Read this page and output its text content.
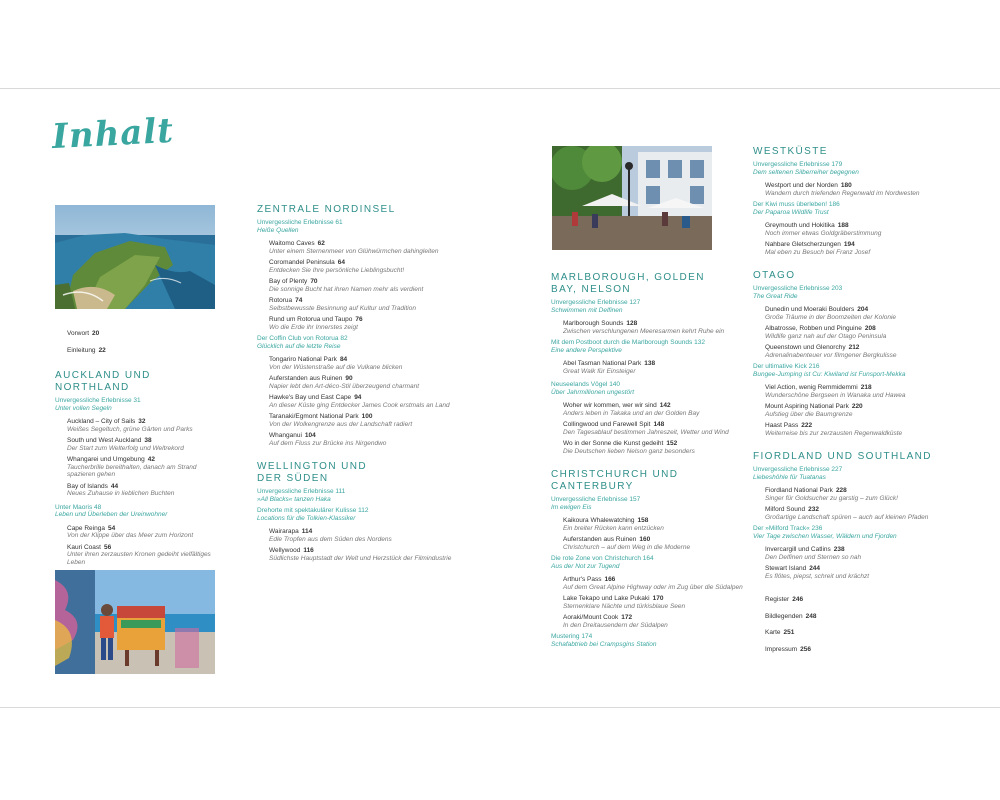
Inhalt
Vorwort 20
Einleitung 22
AUCKLAND UND NORTHLAND
Unvergessliche Erlebnisse 31
Unter vollen Segeln
Auckland – City of Sails 32
Weißes Segeltuch, grüne Gärten und Parks
South und West Auckland 38
Der Start zum Welterfolg und Weltrekord
Whangarei und Umgebung 42
Taucherbrille bereithalten, danach am Strand spazieren gehen
Bay of Islands 44
Neues Zuhause in lieblichen Buchten
Unter Maoris 48
Leben und Überleben der Ureinwohner
Cape Reinga 54
Von der Klippe über das Meer zum Horizont
Kauri Coast 56
Unter ihren zerzausten Kronen gedeiht vielfältiges Leben
ZENTRALE NORDINSEL
Unvergessliche Erlebnisse 61
Heiße Quellen
Waitomo Caves 62
Unter einem Sternenmeer von Glühwürmchen dahingleiten
Coromandel Peninsula 64
Entdecken Sie Ihre persönliche Lieblingsbucht!
Bay of Plenty 70
Die sonnige Bucht hat ihren Namen mehr als verdient
Rotorua 74
Selbstbewusste Besinnung auf Kultur und Tradition
Rund um Rotorua und Taupo 76
Wo die Erde ihr Innerstes zeigt
Der Coffin Club von Rotorua 82
Glücklich auf die letzte Reise
Tongariro National Park 84
Von der Wüstenstraße auf die Vulkane blicken
Auferstanden aus Ruinen 90
Napier lebt den Art-déco-Stil überzeugend charmant
Hawke's Bay und East Cape 94
An dieser Küste ging Entdecker James Cook erstmals an Land
Taranaki/Egmont National Park 100
Von der Wolkengrenze aus der Landschaft radiert
Whanganui 104
Auf dem Fluss zur Brücke ins Nirgendwo
WELLINGTON UND DER SÜDEN
Unvergessliche Erlebnisse 111
»All Blacks« tanzen Haka
Drehorte mit spektakulärer Kulisse 112
Locations für die Tolkien-Klassiker
Wairarapa 114
Edle Tropfen aus dem Süden des Nordens
Wellywood 116
Südlichste Hauptstadt der Welt und Herzstück der Filmindustrie
MARLBOROUGH, GOLDEN BAY, NELSON
Unvergessliche Erlebnisse 127
Schwimmen mit Delfinen
Marlborough Sounds 128
Zwischen verschlungenen Meeresarmen kehrt Ruhe ein
Mit dem Postboot durch die Marlborough Sounds 132
Eine andere Perspektive
Abel Tasman National Park 138
Great Walk für Einsteiger
Neuseelands Vögel 140
Über Jahrmillionen ungestört
Woher wir kommen, wer wir sind 142
Anders leben in Takaka und an der Golden Bay
Collingwood und Farewell Spit 148
Den Tagesablauf bestimmen Jahreszeit, Wetter und Wind
Wo in der Sonne die Kunst gedeiht 152
Die Deutschen lieben Nelson ganz besonders
CHRISTCHURCH UND CANTERBURY
Unvergessliche Erlebnisse 157
Im ewigen Eis
Kaikoura Whalewatching 158
Ein breiter Rücken kann entzücken
Auferstanden aus Ruinen 160
Christchurch – auf dem Weg in die Moderne
Die rote Zone von Christchurch 164
Aus der Not zur Tugend
Arthur's Pass 166
Auf dem Great Alpine Highway oder im Zug über die Südalpen
Lake Tekapo und Lake Pukaki 170
Sternenklare Nächte und türkisblaue Seen
Aoraki/Mount Cook 172
In den Dreitausendern der Südalpen
Mustering 174
Schafabtrieb bei Crampsgins Station
WESTKÜSTE
Unvergessliche Erlebnisse 179
Dem seltenen Silberreiher begegnen
Westport und der Norden 180
Wandern durch triefenden Regenwald im Nordwesten
Der Kiwi muss überleben! 186
Der Paparoa Wildlife Trust
Greymouth und Hokitika 188
Noch immer etwas Goldgräberstimmung
Nahbare Gletscherzungen 194
Mal eben zu Besuch bei Franz Josef
OTAGO
Unvergessliche Erlebnisse 203
The Great Ride
Dunedin und Moeraki Boulders 204
Große Träume in der Boomzeiten der Kolonie
Albatrosse, Robben und Pinguine 208
Wildlife ganz nah auf der Otago Peninsula
Queenstown und Glenorchy 212
Adrenalinabenteuer vor filmgener Bergkulisse
Der ultimative Kick 216
Bungee-Jumping ist Cu: Kiwiland ist Funsport-Mekka
Viel Action, wenig Remmidemmi 218
Wunderschöne Bergseen in Wanaka und Hawea
Mount Aspiring National Park 220
Aufstieg über die Baumgrenze
Haast Pass 222
Weiterreise bis zur zerzausten Regenwaldküste
FIORDLAND UND SOUTHLAND
Unvergessliche Erlebnisse 227
Liebeshöhle für Tuatanas
Fiordland National Park 228
Singer für Goldsucher zu garstig – zum Glück!
Milford Sound 232
Großartige Landschaft spüren – auch auf kleinen Pfaden
Der »Milford Track« 236
Vier Tage zwischen Wasser, Wäldern und Fjorden
Invercargill und Catlins 238
Den Delfinen und Sternen so nah
Stewart Island 244
Es flötes, piepst, schreit und krächzt
Register 246
Bildlegenden 248
Karte 251
Impressum 256
